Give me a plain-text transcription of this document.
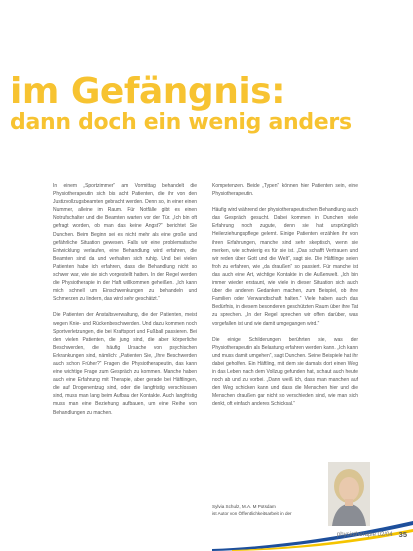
im Gefängnis:
dann doch ein wenig anders

In einem „Sportzimmer“ am Vormittag behandelt die Physiotherapeutin sich bis acht Patienten, die ihr von den Justizvollzugsbeamten gebracht werden. Denn so, in einer einen Nummer, alleine im Raum. Für Notfälle gibt es einen Notrufschalter und die Beamten warten vor der Tür. „Ich bin oft gefragt worden, ob man das keine Angst?“ berichtet Sie Dunchen. Beim Beginn sei es nicht mehr als eine große und gefährliche Situation gewesen. Falls wir eine problematische Entwicklung verlaufen, eine Behandlung wird erfahren, die Beamten sind da und verhalten sich ruhig. Und bei vielen Patienten habe ich erfahren, dass die Behandlung nicht so schwer war, wie sie sich vorgestellt hatten. In der Regel werden die Physiotherapie in der Haft willkommen geheißen. „Ich kann mich schnell um Einschwenkungen zu behandeln und Schmerzen zu lindern, das wird sehr geschätzt.“

Die Patienten der Anstaltsverwaltung, die der Patienten, meist wegen Knie- und Rückenbeschwerden. Und dazu kommen noch Sportverletzungen, die bei Kraftsport und Fußball passieren. Bei den vielen Patienten, die jung sind, die aber körperliche Beschwerden, die häufig Ursache von psychischen Erkrankungen sind, nämlich: „Patienten Sie, „Ihre Beschwerden auch schon Früher?“ Fragen die Physiotherapeutin, das kann eine wichtige Frage zum Gespräch zu kommen. Manche haben auch eine Erfahrung mit Therapie, aber gerade bei Häftlingen, die auf Drogenentzug sind, oder die langfristig verschlossen sind, muss man lang beim Aufbau der Kontakte. Auch langfristig muss man eine Beziehung aufbauen, um eine Reihe von Behandlungen zu machen.

Kompetenzen. Beide „Typen“ können hier Patienten sein, eine Physiotherapeutin.

Häufig wird während der physiotherapeutischen Behandlung auch das Gespräch gesucht. Dabei kommen in Dunchen viele Erfahrung noch zugute, denn sie hat ursprünglich Heilerziehungspflege gelernt. Einige Patienten erzählen ihr von ihren Erfahrungen, manche sind sehr skeptisch, wenn sie merken, wie schwierig es für sie ist. „Das schafft Vertrauen und wir reden über Gott und die Welt“, sagt sie. Die Häftlinge seien froh zu erfahren, wie „da draußen“ so passiert. Für manche ist das auch eine Art, wichtige Kontakte in die Außenwelt. „Ich bin immer wieder erstaunt, wie viele in dieser Situation sich auch über die anderen Gedanken machen, zum Beispiel, ob ihre Familien oder Verwandtschaft halten.“ Viele haben auch das Bedürfnis, in diesem besonderen geschützten Raum über ihre Tat zu sprechen. „In der Regel sprechen wir offen darüber, was vorgefallen ist und wie damit umgegangen wird.“

Die einige Schilderungen berührten sie, was der Physiotherapeutin als Belastung erfahren werden kann. „Ich kann und muss damit umgehen“, sagt Dunchen. Seine Beispiele hat ihr dabei geholfen. Ein Häftling, mit dem sie damals dort einen Weg in das Leben nach dem Vollzug gefunden hat, schaut auch heute noch ab und zu vorbei. „Dann weiß ich, dass man manchen auf den Weg schicken kann und dass die Menschen hier und die Menschen draußen gar nicht so verschieden sind, wie man sich denkt, oft einfach anderes Schicksal.“

Sylvia Schulz, M.A. M Potsdam
ist Autor von Öffentlichkeitsarbeit in der
physiotherapie 02/04 35
